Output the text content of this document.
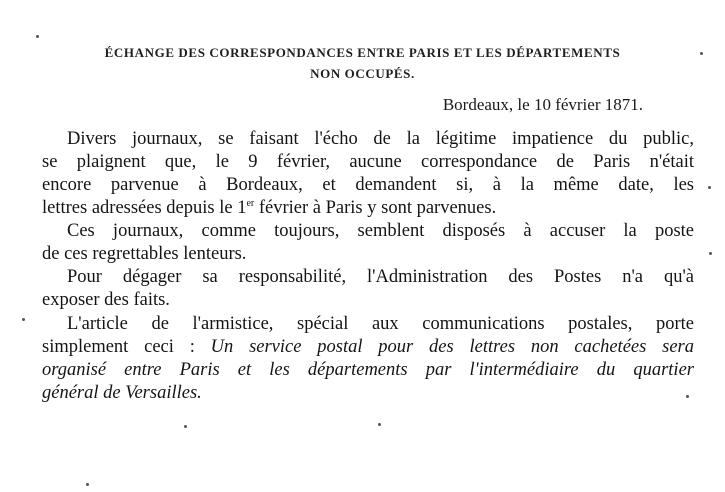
ÉCHANGE DES CORRESPONDANCES ENTRE PARIS ET LES DÉPARTEMENTS
NON OCCUPÉS.
Bordeaux, le 10 février 1871.
Divers journaux, se faisant l'écho de la légitime impatience du public,
se plaignent que, le 9 février, aucune correspondance de Paris n'était
encore parvenue à Bordeaux, et demandent si, à la même date, les
lettres adressées depuis le 1er février à Paris y sont parvenues.
Ces journaux, comme toujours, semblent disposés à accuser la poste
de ces regrettables lenteurs.
Pour dégager sa responsabilité, l'Administration des Postes n'a qu'à
exposer des faits.
L'article de l'armistice, spécial aux communications postales, porte
simplement ceci : Un service postal pour des lettres non cachetées sera
organisé entre Paris et les départements par l'intermédiaire du quartier
général de Versailles.
